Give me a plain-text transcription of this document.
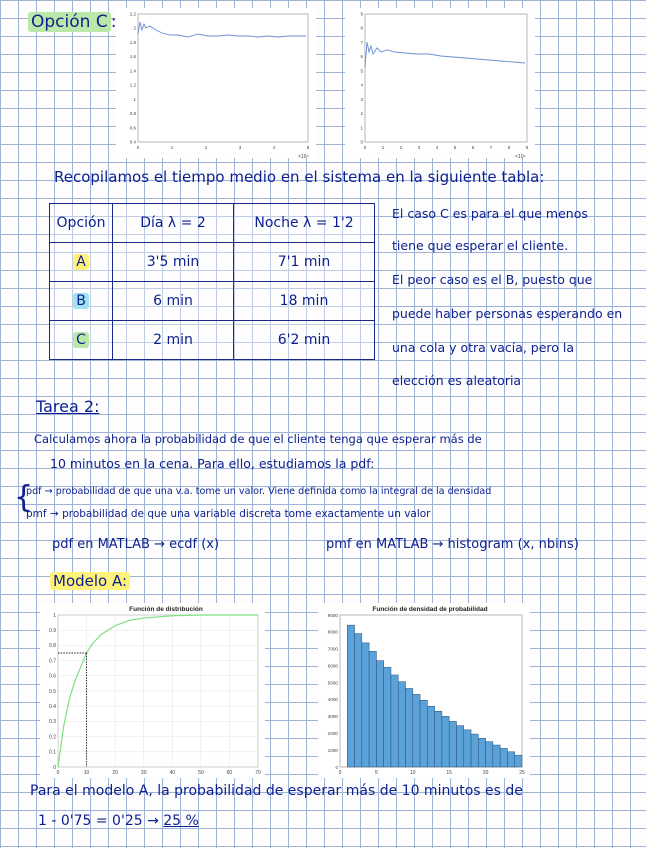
Opción C :	2.2
2
1.8
1.6
1.4
1.2
1
0.8
0.6
0.4
0	1	2	3	4	5
×10⁴
9
8
7
6
5
4
3
2
1
0
0	1	2	3	4	5	6	7	8	9
×10⁴
Recopilamos el tiempo medio en el sistema en la siguiente tabla:
Opción	Día λ = 2	Noche λ = 1'2
A	3'5 min	7'1 min
B	6 min	18 min
C	2 min	6'2 min
El caso C es para el que menos
tiene que esperar el cliente.
El peor caso es el B, puesto que
puede haber personas esperando en
una cola y otra vacía, pero la
elección es aleatoria
Tarea 2:
Calculamos ahora la probabilidad de que el cliente tenga que esperar más de
10 minutos en la cena. Para ello, estudiamos la pdf:
{
pdf → probabilidad de que una v.a. tome un valor. Viene definida como la integral de la densidad
pmf → probabilidad de que una variable discreta tome exactamente un valor
pdf en MATLAB → ecdf (x)	pmf en MATLAB → histogram (x, nbins)
Modelo A:
Función de distribución
0
0.1
0.2
0.3
0.4
0.5
0.6
0.7
0.8
0.9
1
0	10	20	30	40	50	60	70
Función de densidad de probabilidad
0
1000
2000
3000
4000
5000
6000
7000
8000
9000
0	5	10	15	20	25
Para el modelo A, la probabilidad de esperar más de 10 minutos es de
1 - 0'75 = 0'25 → 25 %
